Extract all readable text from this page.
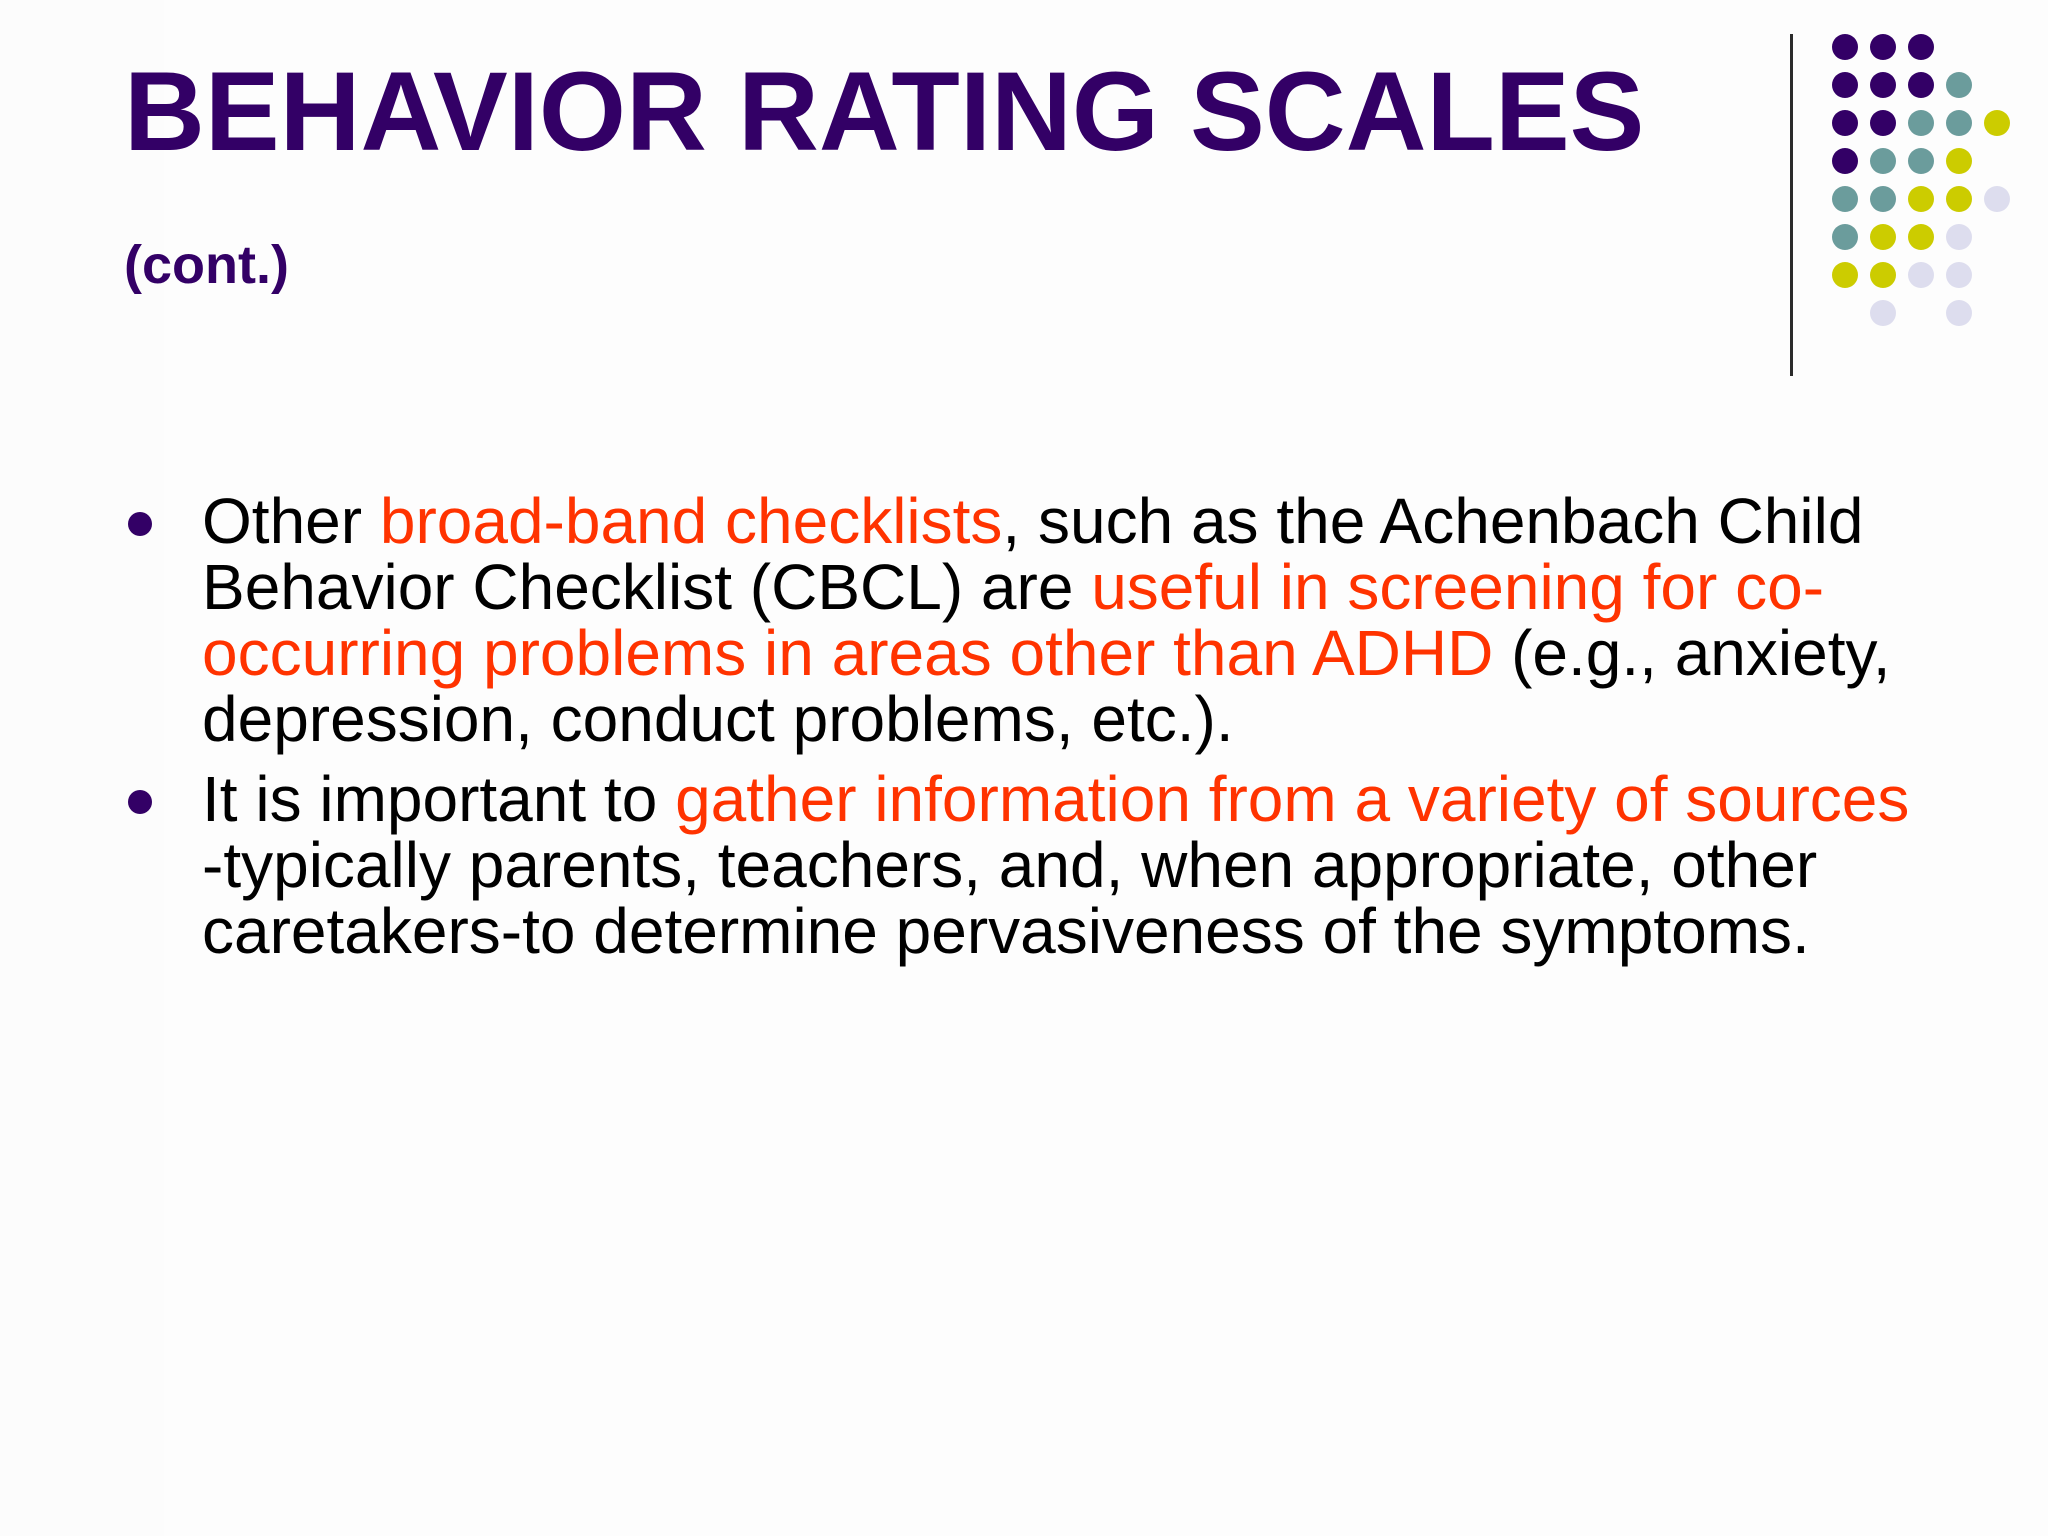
BEHAVIOR RATING SCALES
(cont.)
Other broad-band checklists, such as the Achenbach Child Behavior Checklist (CBCL) are useful in screening for co-occurring problems in areas other than ADHD (e.g., anxiety, depression, conduct problems, etc.).
It is important to gather information from a variety of sources -typically parents, teachers, and, when appropriate, other caretakers-to determine pervasiveness of the symptoms.
